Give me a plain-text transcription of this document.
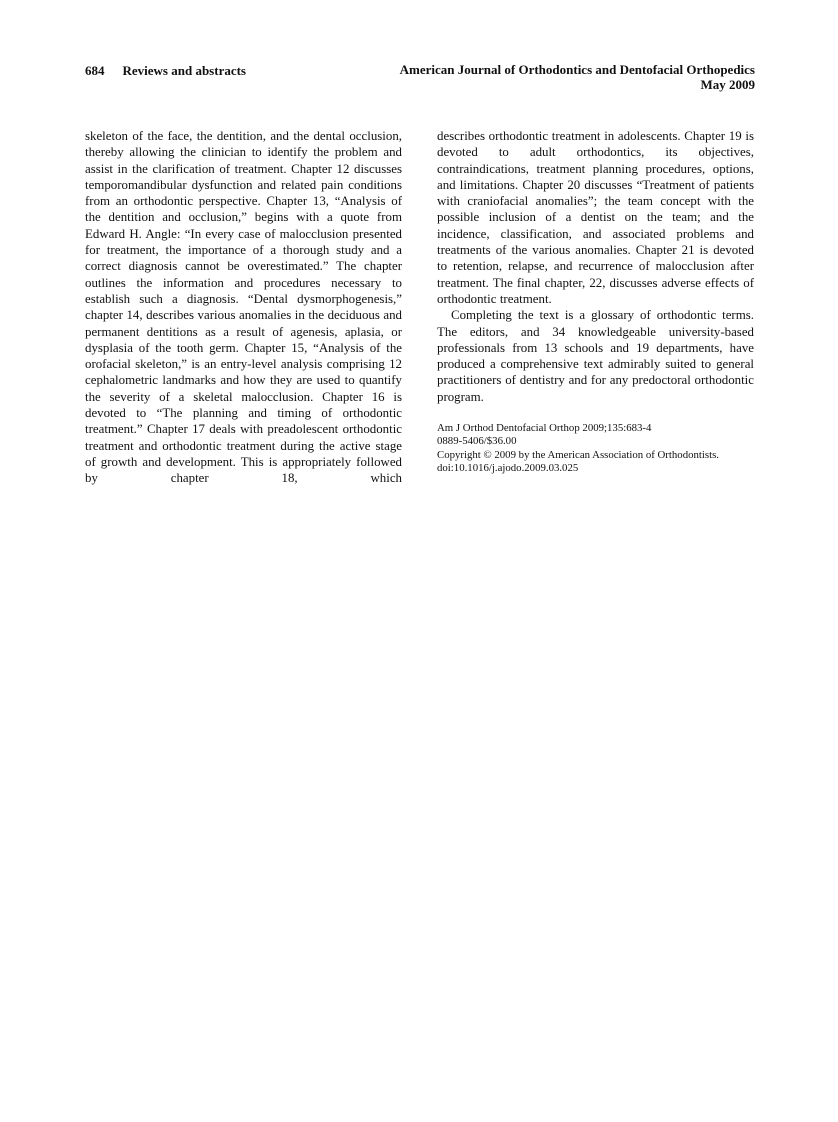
684 Reviews and abstracts	American Journal of Orthodontics and Dentofacial Orthopedics
May 2009

skeleton of the face, the dentition, and the dental occlusion, thereby allowing the clinician to identify the problem and assist in the clarification of treatment. Chapter 12 discusses temporomandibular dysfunction and related pain conditions from an orthodontic perspective. Chapter 13, “Analysis of the dentition and occlusion,” begins with a quote from Edward H. Angle: “In every case of malocclusion presented for treatment, the importance of a thorough study and a correct diagnosis cannot be overestimated.” The chapter outlines the information and procedures necessary to establish such a diagnosis. “Dental dysmorphogenesis,” chapter 14, describes various anomalies in the deciduous and permanent dentitions as a result of agenesis, aplasia, or dysplasia of the tooth germ. Chapter 15, “Analysis of the orofacial skeleton,” is an entry-level analysis comprising 12 cephalometric landmarks and how they are used to quantify the severity of a skeletal malocclusion. Chapter 16 is devoted to “The planning and timing of orthodontic treatment.” Chapter 17 deals with preadolescent orthodontic treatment and orthodontic treatment during the active stage of growth and development. This is appropriately followed by chapter 18, which

describes orthodontic treatment in adolescents. Chapter 19 is devoted to adult orthodontics, its objectives, contraindications, treatment planning procedures, options, and limitations. Chapter 20 discusses “Treatment of patients with craniofacial anomalies”; the team concept with the possible inclusion of a dentist on the team; and the incidence, classification, and associated problems and treatments of the various anomalies. Chapter 21 is devoted to retention, relapse, and recurrence of malocclusion after treatment. The final chapter, 22, discusses adverse effects of orthodontic treatment.

Completing the text is a glossary of orthodontic terms. The editors, and 34 knowledgeable university-based professionals from 13 schools and 19 departments, have produced a comprehensive text admirably suited to general practitioners of dentistry and for any predoctoral orthodontic program.

Am J Orthod Dentofacial Orthop 2009;135:683-4
0889-5406/$36.00
Copyright © 2009 by the American Association of Orthodontists.
doi:10.1016/j.ajodo.2009.03.025
